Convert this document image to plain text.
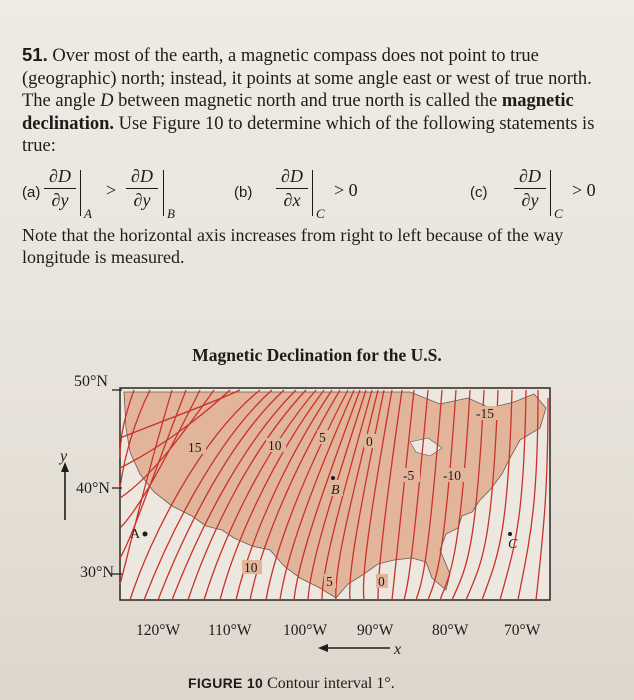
51. Over most of the earth, a magnetic compass does not point to true (geographic) north; instead, it points at some angle east or west of true north. The angle D between magnetic north and true north is called the magnetic declination. Use Figure 10 to determine which of the following statements is true:
(a)
∂D
∂y
A
>
∂D
∂y
B
(b)
∂D
∂x
C
> 0	(c)
∂D
∂y
C
> 0
Note that the horizontal axis increases from right to left because of the way longitude is measured.
Magnetic Declination for the U.S.
50°N
40°N
30°N
y
15	10
5	0
-5 -10
-15
10
5	0
A
B
C
120°W 110°W 100°W 90°W 80°W 70°W
x
FIGURE 10 Contour interval 1°.
